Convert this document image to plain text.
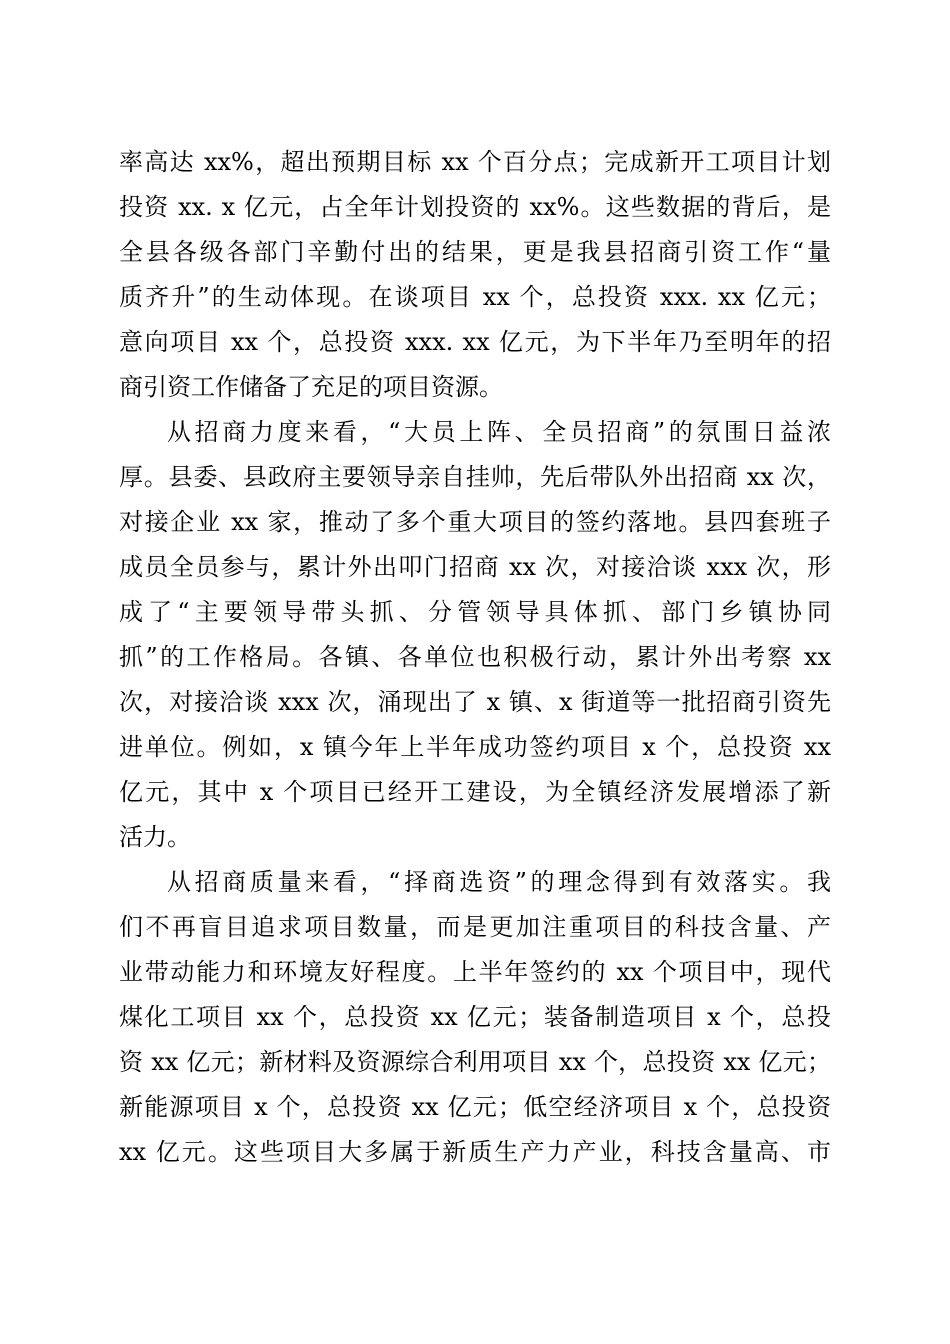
率高达 xx%，超出预期目标 xx 个百分点；完成新开工项目计划
投资 xx. x 亿元，占全年计划投资的 xx%。这些数据的背后，是
全县各级各部门辛勤付出的结果，更是我县招商引资工作“量
质齐升”的生动体现。在谈项目 xx 个，总投资 xxx. xx 亿元；
意向项目 xx 个，总投资 xxx. xx 亿元，为下半年乃至明年的招
商引资工作储备了充足的项目资源。
从招商力度来看，“大员上阵、全员招商”的氛围日益浓
厚。县委、县政府主要领导亲自挂帅，先后带队外出招商 xx 次，
对接企业 xx 家，推动了多个重大项目的签约落地。县四套班子
成员全员参与，累计外出叩门招商 xx 次，对接洽谈 xxx 次，形
成了“主要领导带头抓、分管领导具体抓、部门乡镇协同
抓”的工作格局。各镇、各单位也积极行动，累计外出考察 xx
次，对接洽谈 xxx 次，涌现出了 x 镇、x 街道等一批招商引资先
进单位。例如，x 镇今年上半年成功签约项目 x 个，总投资 xx
亿元，其中 x 个项目已经开工建设，为全镇经济发展增添了新
活力。
从招商质量来看，“择商选资”的理念得到有效落实。我
们不再盲目追求项目数量，而是更加注重项目的科技含量、产
业带动能力和环境友好程度。上半年签约的 xx 个项目中，现代
煤化工项目 xx 个，总投资 xx 亿元；装备制造项目 x 个，总投
资 xx 亿元；新材料及资源综合利用项目 xx 个，总投资 xx 亿元；
新能源项目 x 个，总投资 xx 亿元；低空经济项目 x 个，总投资
xx 亿元。这些项目大多属于新质生产力产业，科技含量高、市
